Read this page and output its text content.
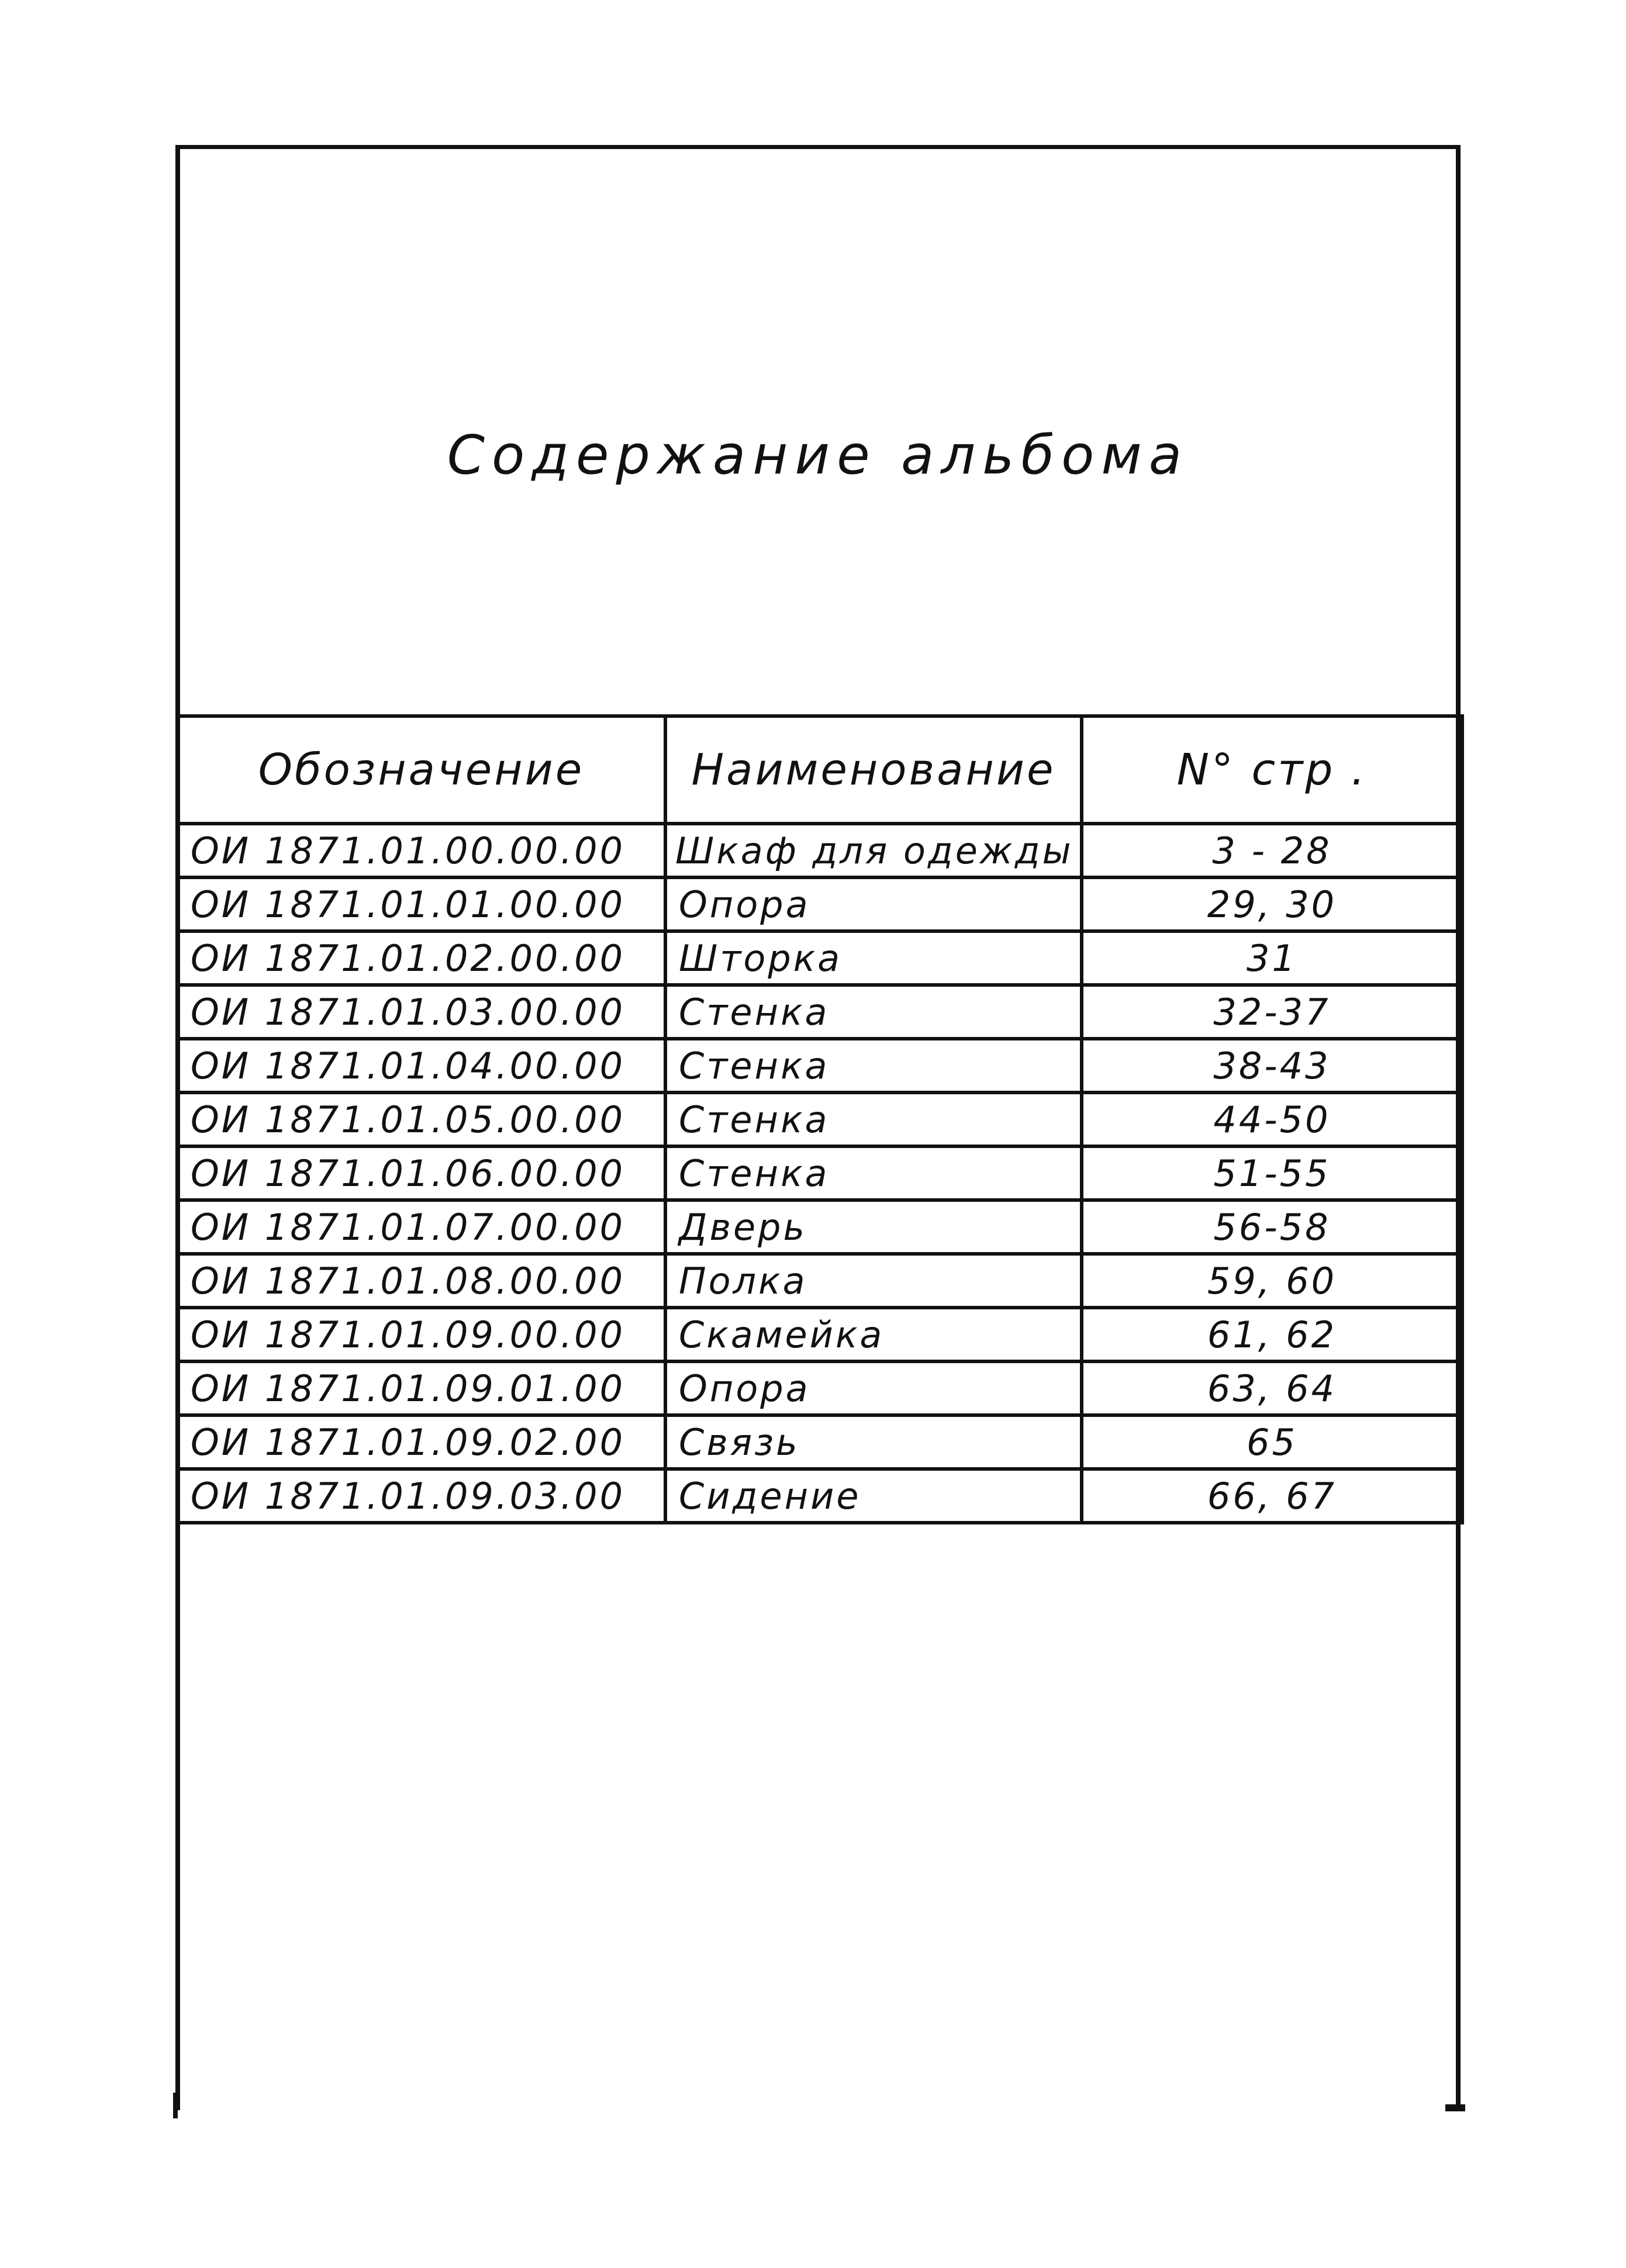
Содержание альбома
Обозначение	Наименование	N° стр .
ОИ 1871.01.00.00.00	Шкаф для одежды	3 - 28
ОИ 1871.01.01.00.00	Опора	29, 30
ОИ 1871.01.02.00.00	Шторка	31
ОИ 1871.01.03.00.00	Стенка	32-37
ОИ 1871.01.04.00.00	Стенка	38-43
ОИ 1871.01.05.00.00	Стенка	44-50
ОИ 1871.01.06.00.00	Стенка	51-55
ОИ 1871.01.07.00.00	Дверь	56-58
ОИ 1871.01.08.00.00	Полка	59, 60
ОИ 1871.01.09.00.00	Скамейка	61, 62
ОИ 1871.01.09.01.00	Опора	63, 64
ОИ 1871.01.09.02.00	Связь	65
ОИ 1871.01.09.03.00	Сидение	66, 67
